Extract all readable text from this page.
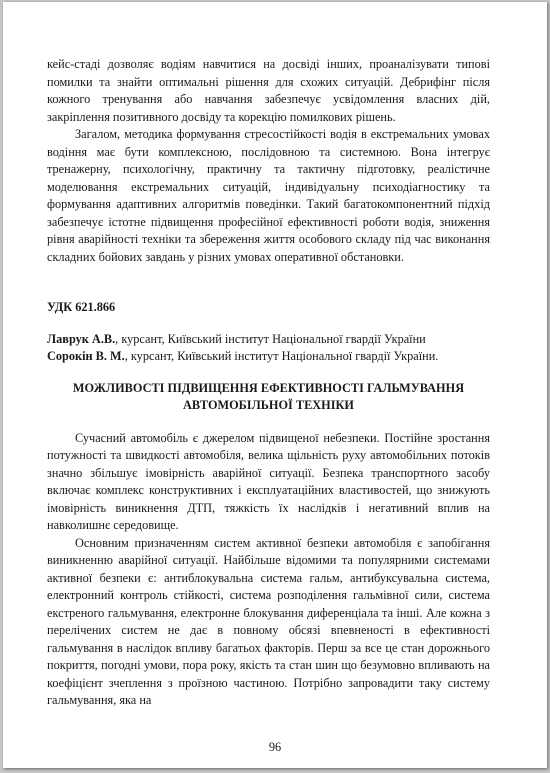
кейс-стаді дозволяє водіям навчитися на досвіді інших, проаналізувати типові помилки та знайти оптимальні рішення для схожих ситуацій. Дебрифінг після кожного тренування або навчання забезпечує усвідомлення власних дій, закріплення позитивного досвіду та корекцію помилкових рішень.

Загалом, методика формування стресостійкості водія в екстремальних умовах водіння має бути комплексною, послідовною та системною. Вона інтегрує тренажерну, психологічну, практичну та тактичну підготовку, реалістичне моделювання екстремальних ситуацій, індивідуальну психодіагностику та формування адаптивних алгоритмів поведінки. Такий багатокомпонентний підхід забезпечує істотне підвищення професійної ефективності роботи водія, зниження рівня аварійності техніки та збереження життя особового складу під час виконання складних бойових завдань у різних умовах оперативної обстановки.

УДК 621.866

Лаврук А.В., курсант, Київський інститут Національної гвардії України

Сорокін В. М., курсант, Київський інститут Національної гвардії України.

МОЖЛИВОСТІ ПІДВИЩЕННЯ ЕФЕКТИВНОСТІ ГАЛЬМУВАННЯ АВТОМОБІЛЬНОЇ ТЕХНІКИ

Сучасний автомобіль є джерелом підвищеної небезпеки. Постійне зростання потужності та швидкості автомобіля, велика щільність руху автомобільних потоків значно збільшує імовірність аварійної ситуації. Безпека транспортного засобу включає комплекс конструктивних і експлуатаційних властивостей, що знижують імовірність виникнення ДТП, тяжкість їх наслідків і негативний вплив на навколишнє середовище.

Основним призначенням систем активної безпеки автомобіля є запобігання виникненню аварійної ситуації. Найбільше відомими та популярними системами активної безпеки є: антиблокувальна система гальм, антибуксувальна система, електронний контроль стійкості, система розподілення гальмівної сили, система екстреного гальмування, електронне блокування диференціала та інші. Але кожна з перелічених систем не дає в повному обсязі впевненості в ефективності гальмування в наслідок впливу багатьох факторів. Перш за все це стан дорожнього покриття, погодні умови, пора року, якість та стан шин що безумовно впливають на коефіцієнт зчеплення з проїзною частиною. Потрібно запровадити таку систему гальмування, яка на

96
